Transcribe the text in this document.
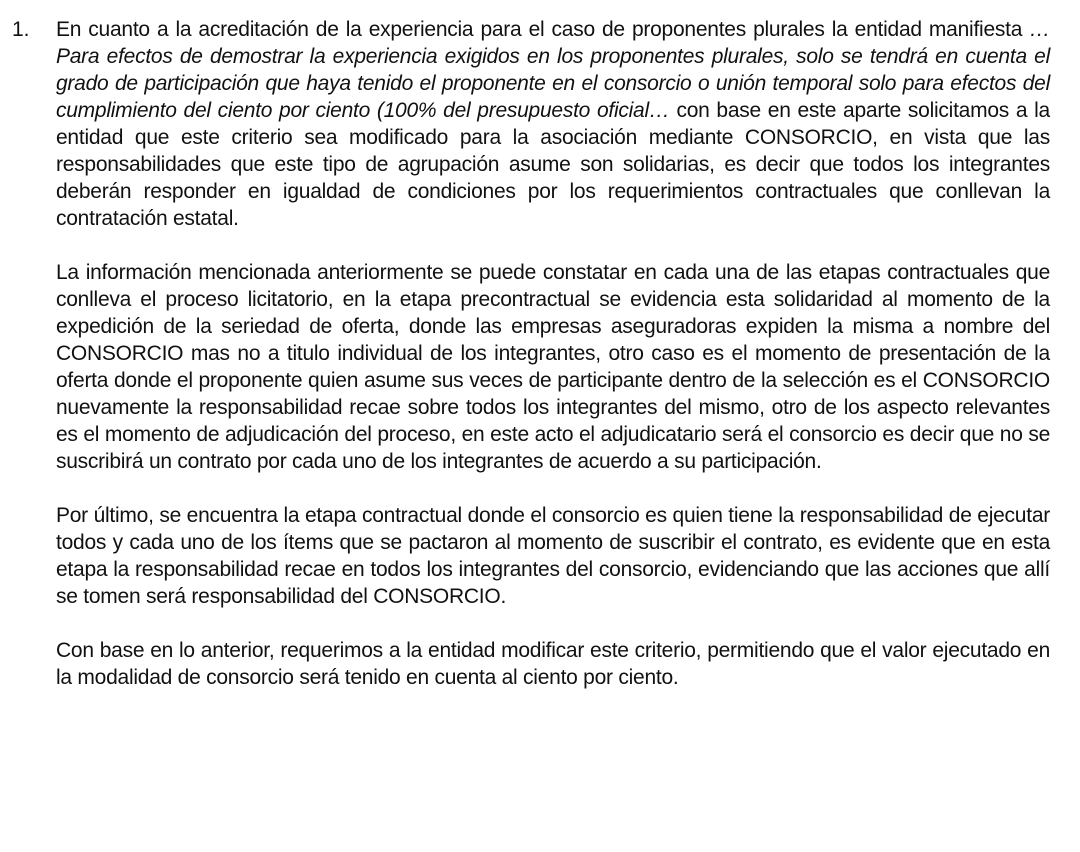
1.	En cuanto a la acreditación de la experiencia para el caso de proponentes plurales la entidad manifiesta …Para efectos de demostrar la experiencia exigidos en los proponentes plurales, solo se tendrá en cuenta el grado de participación que haya tenido el proponente en el consorcio o unión temporal solo para efectos del cumplimiento del ciento por ciento (100% del presupuesto oficial… con base en este aparte solicitamos a la entidad que este criterio sea modificado para la asociación mediante CONSORCIO, en vista que las responsabilidades que este tipo de agrupación asume son solidarias, es decir que todos los integrantes deberán responder en igualdad de condiciones por los requerimientos contractuales que conllevan la contratación estatal.

La información mencionada anteriormente se puede constatar en cada una de las etapas contractuales que conlleva el proceso licitatorio, en la etapa precontractual se evidencia esta solidaridad al momento de la expedición de la seriedad de oferta, donde las empresas aseguradoras expiden la misma a nombre del CONSORCIO mas no a titulo individual de los integrantes, otro caso es el momento de presentación de la oferta donde el proponente quien asume sus veces de participante dentro de la selección es el CONSORCIO nuevamente la responsabilidad recae sobre todos los integrantes del mismo, otro de los aspecto relevantes es el momento de adjudicación del proceso, en este acto el adjudicatario será el consorcio es decir que no se suscribirá un contrato por cada uno de los integrantes de acuerdo a su participación.

Por último, se encuentra la etapa contractual donde el consorcio es quien tiene la responsabilidad de ejecutar todos y cada uno de los ítems que se pactaron al momento de suscribir el contrato, es evidente que en esta etapa la responsabilidad recae en todos los integrantes del consorcio, evidenciando que las acciones que allí se tomen será responsabilidad del CONSORCIO.

Con base en lo anterior, requerimos a la entidad modificar este criterio, permitiendo que el valor ejecutado en la modalidad de consorcio será tenido en cuenta al ciento por ciento.
